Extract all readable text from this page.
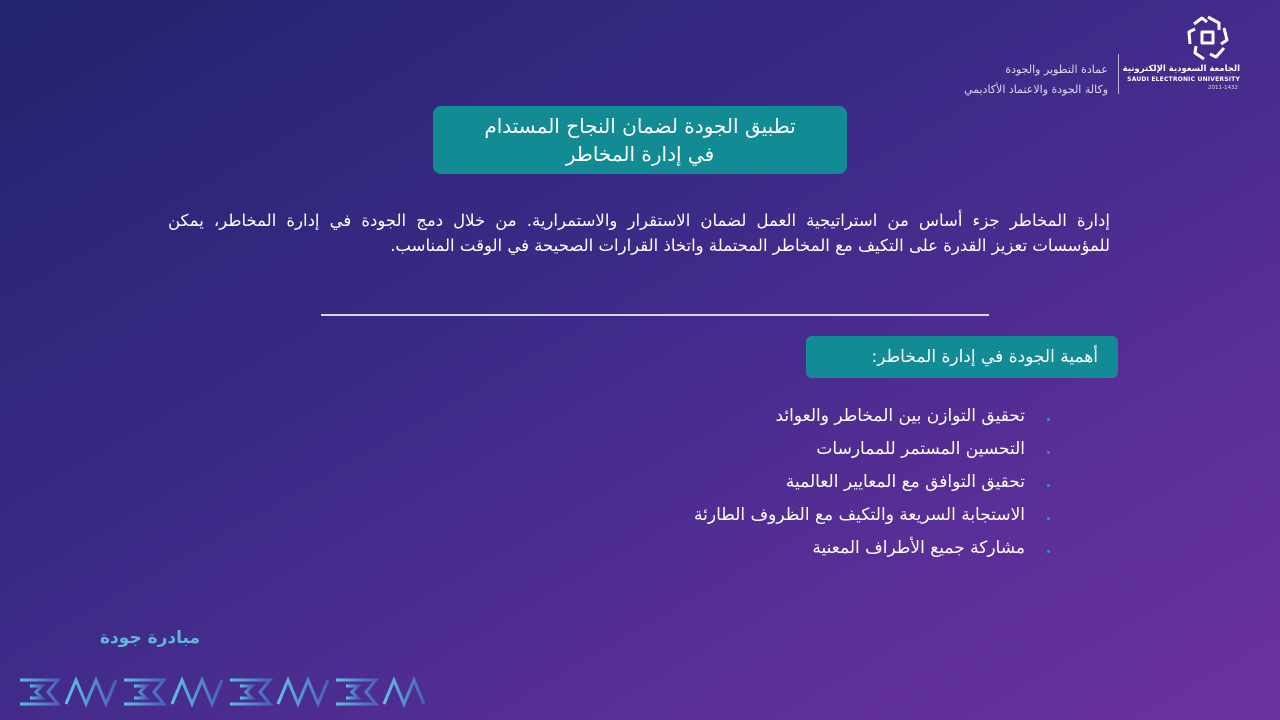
الجامعة السعودية الإلكترونية
SAUDI ELECTRONIC UNIVERSITY
2011-1432
عمادة التطوير والجودة
وكالة الجودة والاعتماد الأكاديمي
تطبيق الجودة لضمان النجاح المستدام
في إدارة المخاطر
إدارة المخاطر جزء أساس من استراتيجية العمل لضمان الاستقرار والاستمرارية. من خلال دمج الجودة في إدارة المخاطر، يمكن للمؤسسات تعزيز القدرة على التكيف مع المخاطر المحتملة واتخاذ القرارات الصحيحة في الوقت المناسب.
أهمية الجودة في إدارة المخاطر:
تحقيق التوازن بين المخاطر والعوائد
التحسين المستمر للممارسات
تحقيق التوافق مع المعايير العالمية
الاستجابة السريعة والتكيف مع الظروف الطارئة
مشاركة جميع الأطراف المعنية
مبادرة جودة
